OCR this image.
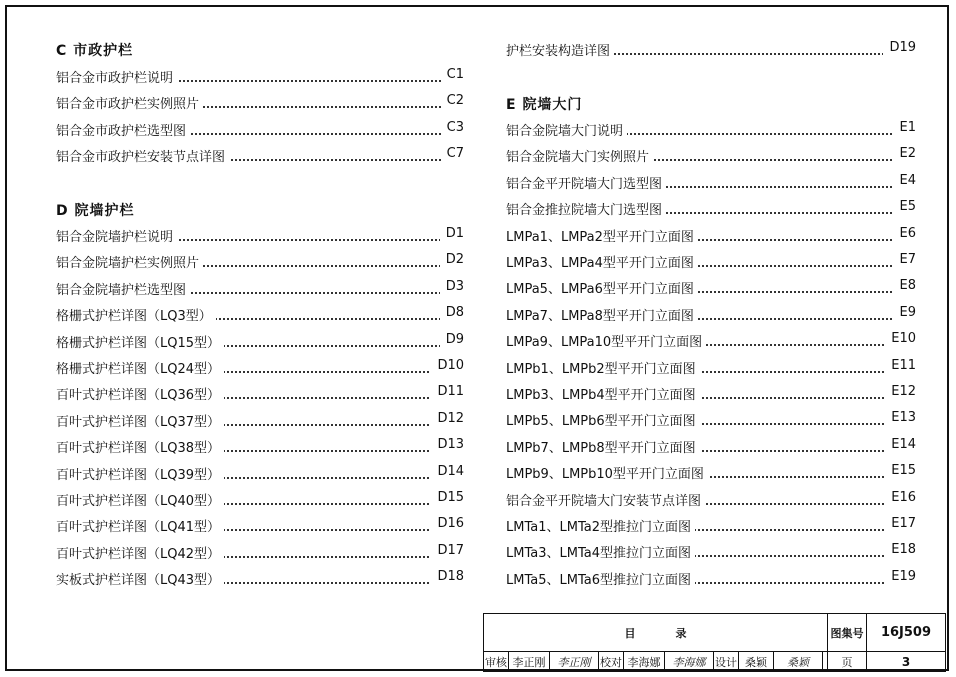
C 市政护栏
铝合金市政护栏说明	C1
铝合金市政护栏实例照片	C2
铝合金市政护栏选型图	C3
铝合金市政护栏安装节点详图	C7
D 院墙护栏
铝合金院墙护栏说明	D1
铝合金院墙护栏实例照片	D2
铝合金院墙护栏选型图	D3
格栅式护栏详图（LQ3型）	D8
格栅式护栏详图（LQ15型）	D9
格栅式护栏详图（LQ24型）	D10
百叶式护栏详图（LQ36型）	D11
百叶式护栏详图（LQ37型）	D12
百叶式护栏详图（LQ38型）	D13
百叶式护栏详图（LQ39型）	D14
百叶式护栏详图（LQ40型）	D15
百叶式护栏详图（LQ41型）	D16
百叶式护栏详图（LQ42型）	D17
实板式护栏详图（LQ43型）	D18
护栏安装构造详图	D19
E 院墙大门
铝合金院墙大门说明	E1
铝合金院墙大门实例照片	E2
铝合金平开院墙大门选型图	E4
铝合金推拉院墙大门选型图	E5
LMPa1、LMPa2型平开门立面图	E6
LMPa3、LMPa4型平开门立面图	E7
LMPa5、LMPa6型平开门立面图	E8
LMPa7、LMPa8型平开门立面图	E9
LMPa9、LMPa10型平开门立面图	E10
LMPb1、LMPb2型平开门立面图	E11
LMPb3、LMPb4型平开门立面图	E12
LMPb5、LMPb6型平开门立面图	E13
LMPb7、LMPb8型平开门立面图	E14
LMPb9、LMPb10型平开门立面图	E15
铝合金平开院墙大门安装节点详图	E16
LMTa1、LMTa2型推拉门立面图	E17
LMTa3、LMTa4型推拉门立面图	E18
LMTa5、LMTa6型推拉门立面图	E19
目录										图集号	16J509
审核	李正刚	李正刚	校对	李海娜	李海娜	设计	桑颖	桑颖		页	3
